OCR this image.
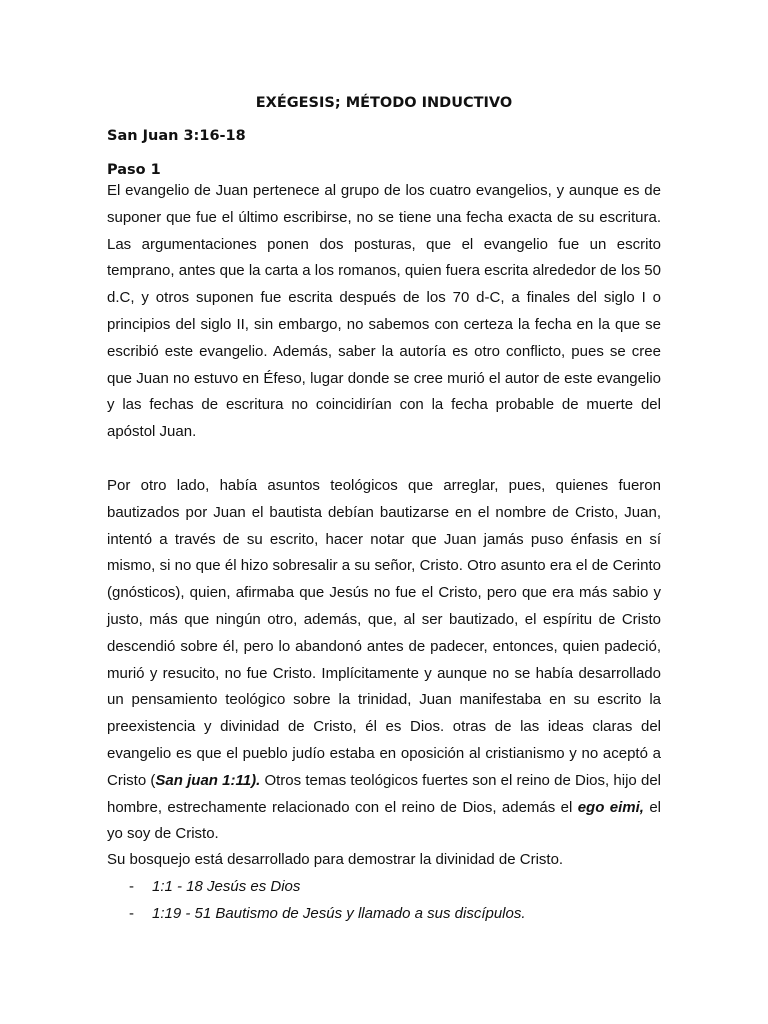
EXÉGESIS; MÉTODO INDUCTIVO
San Juan 3:16-18
Paso 1

El evangelio de Juan pertenece al grupo de los cuatro evangelios, y aunque es de suponer que fue el último escribirse, no se tiene una fecha exacta de su escritura. Las argumentaciones ponen dos posturas, que el evangelio fue un escrito temprano, antes que la carta a los romanos, quien fuera escrita alrededor de los 50 d.C, y otros suponen fue escrita después de los 70 d-C, a finales del siglo I o principios del siglo II, sin embargo, no sabemos con certeza la fecha en la que se escribió este evangelio. Además, saber la autoría es otro conflicto, pues se cree que Juan no estuvo en Éfeso, lugar donde se cree murió el autor de este evangelio y las fechas de escritura no coincidirían con la fecha probable de muerte del apóstol Juan.

Por otro lado, había asuntos teológicos que arreglar, pues, quienes fueron bautizados por Juan el bautista debían bautizarse en el nombre de Cristo, Juan, intentó a través de su escrito, hacer notar que Juan jamás puso énfasis en sí mismo, si no que él hizo sobresalir a su señor, Cristo. Otro asunto era el de Cerinto (gnósticos), quien, afirmaba que Jesús no fue el Cristo, pero que era más sabio y justo, más que ningún otro, además, que, al ser bautizado, el espíritu de Cristo descendió sobre él, pero lo abandonó antes de padecer, entonces, quien padeció, murió y resucito, no fue Cristo. Implícitamente y aunque no se había desarrollado un pensamiento teológico sobre la trinidad, Juan manifestaba en su escrito la preexistencia y divinidad de Cristo, él es Dios. otras de las ideas claras del evangelio es que el pueblo judío estaba en oposición al cristianismo y no aceptó a Cristo (San juan 1:11). Otros temas teológicos fuertes son el reino de Dios, hijo del hombre, estrechamente relacionado con el reino de Dios, además el ego eimi, el yo soy de Cristo.

Su bosquejo está desarrollado para demostrar la divinidad de Cristo.

- 1:1 - 18 Jesús es Dios
- 1:19 - 51 Bautismo de Jesús y llamado a sus discípulos.
